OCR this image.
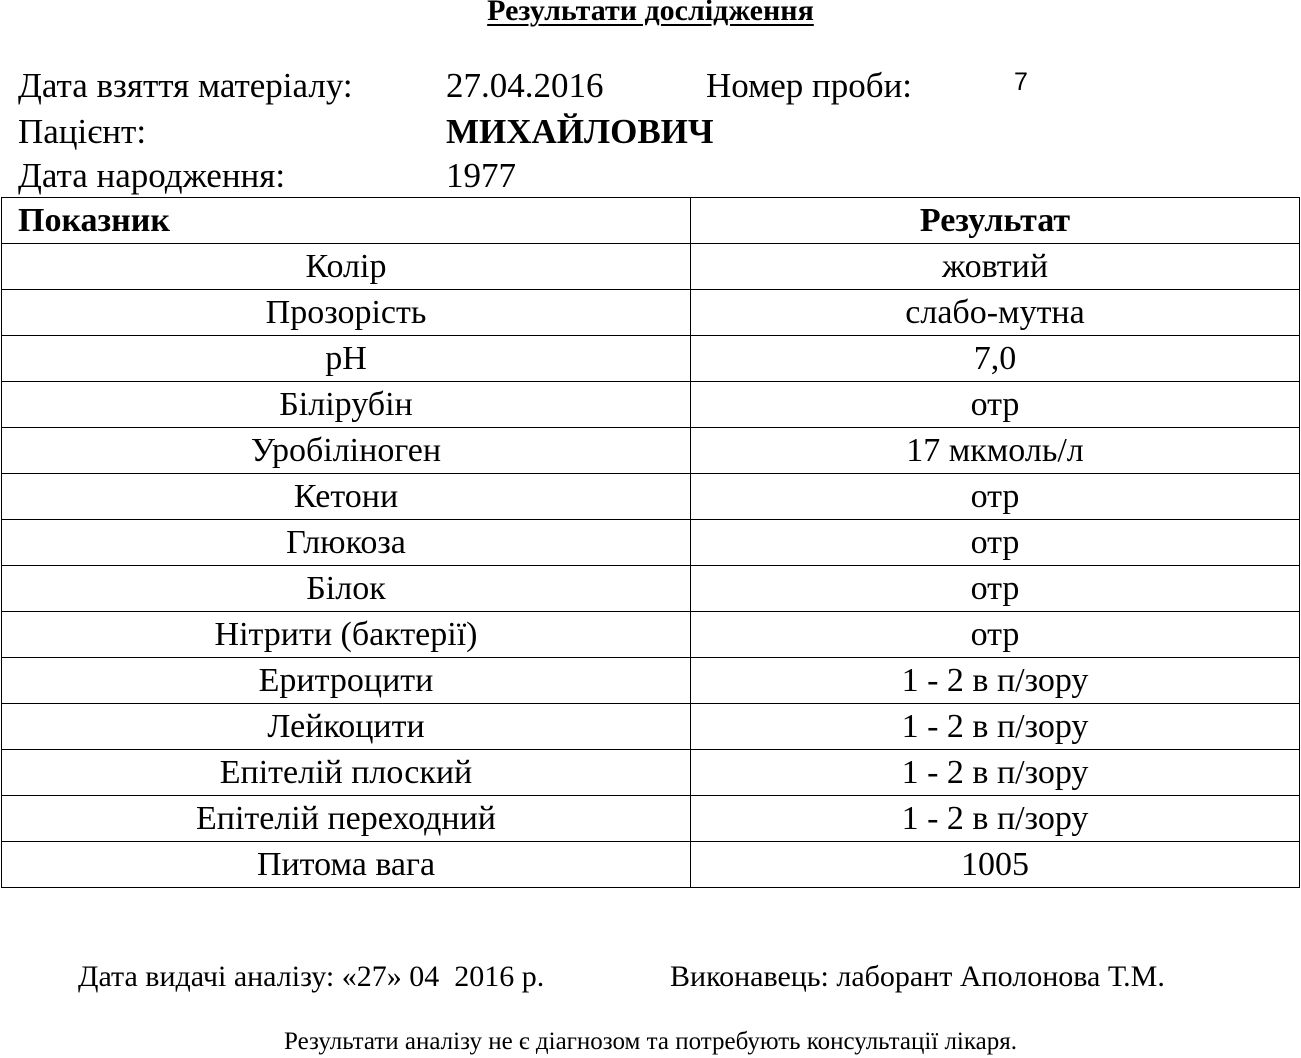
Результати дослідження
Дата взяття матеріалу:	27.04.2016	Номер проби:	7
Пацієнт:	МИХАЙЛОВИЧ
Дата народження:	1977
Показник	Результат
Колір	жовтий
Прозорість	слабо-мутна
pH	7,0
Білірубін	отр
Уробіліноген	17 мкмоль/л
Кетони	отр
Глюкоза	отр
Білок	отр
Нітрити (бактерії)	отр
Еритроцити	1 - 2 в п/зору
Лейкоцити	1 - 2 в п/зору
Епітелій плоский	1 - 2 в п/зору
Епітелій переходний	1 - 2 в п/зору
Питома вага	1005
Дата видачі аналізу: «27» 04  2016 р.	Виконавець: лаборант Аполонова Т.М.
Результати аналізу не є діагнозом та потребують консультації лікаря.
